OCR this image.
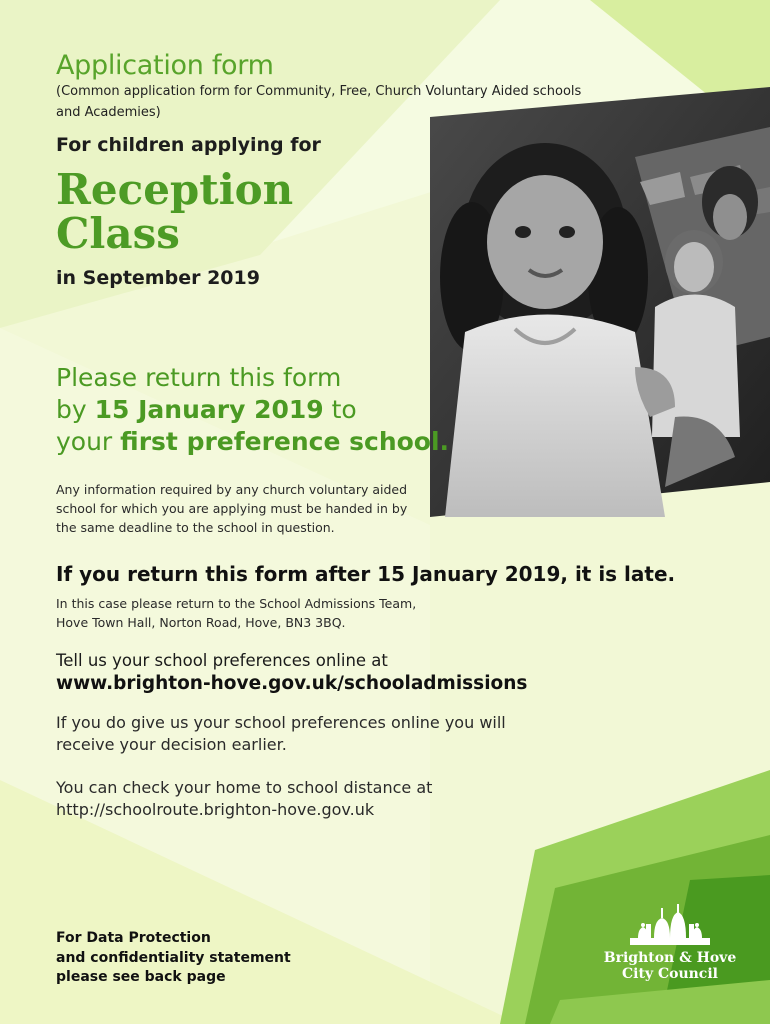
Application form

(Common application form for Community, Free, Church Voluntary Aided schools and Academies)

For children applying for

Reception
Class

in September 2019

Please return this form
by 15 January 2019 to
your first preference school.

Any information required by any church voluntary aided school for which you are applying must be handed in by the same deadline to the school in question.

If you return this form after 15 January 2019, it is late.

In this case please return to the School Admissions Team,
Hove Town Hall, Norton Road, Hove, BN3 3BQ.

Tell us your school preferences online at

www.brighton-hove.gov.uk/schooladmissions

If you do give us your school preferences online you will receive your decision earlier.

You can check your home to school distance at
http://schoolroute.brighton-hove.gov.uk
For Data Protection
and confidentiality statement
please see back page
Brighton & Hove
City Council
